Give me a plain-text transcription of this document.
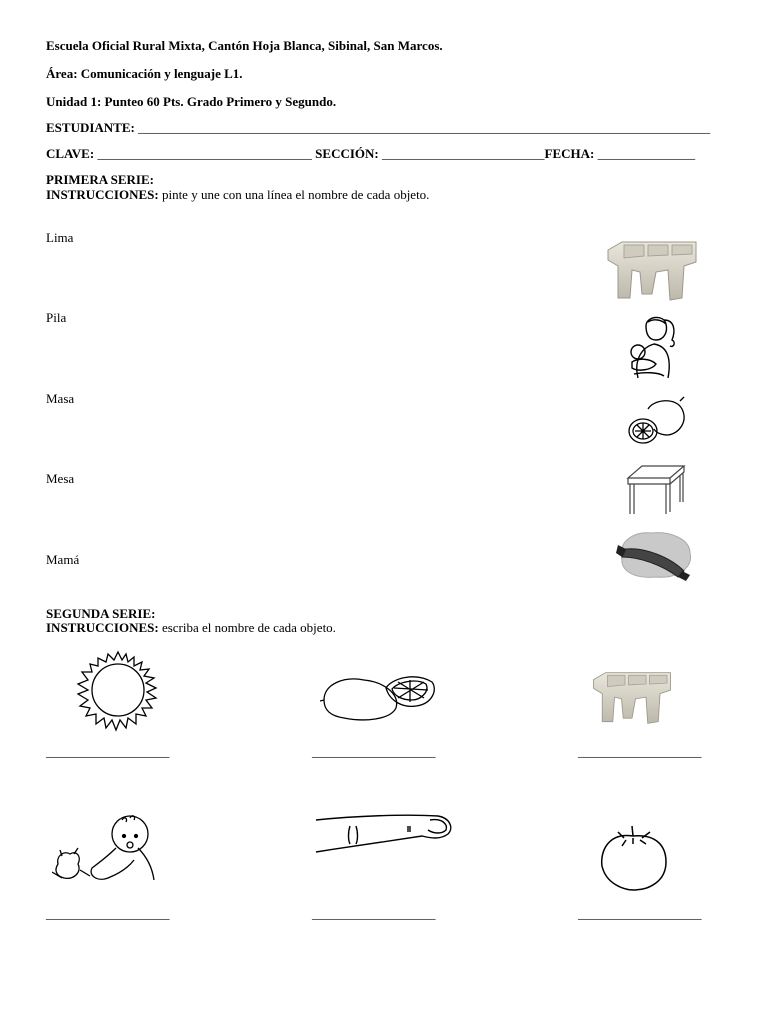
Escuela Oficial Rural Mixta, Cantón Hoja Blanca, Sibinal, San Marcos.
Área: Comunicación y lenguaje L1.
Unidad 1: Punteo 60 Pts. Grado Primero y Segundo.
ESTUDIANTE: ________________________________________________________________________________________
CLAVE: _________________________________ SECCIÓN: _________________________FECHA: _______________
PRIMERA SERIE:
INSTRUCCIONES: pinte y une con una línea el nombre de cada objeto.
Lima
Pila
Masa
Mesa
Mamá
SEGUNDA SERIE:
INSTRUCCIONES: escriba el nombre de cada objeto.
___________________	___________________	___________________
___________________	___________________	___________________
